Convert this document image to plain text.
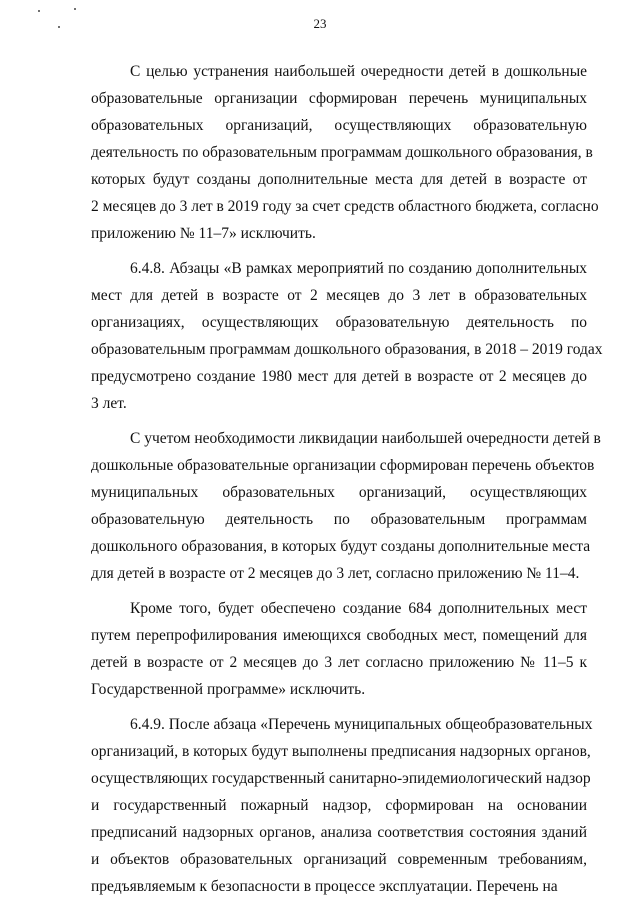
23
С целью устранения наибольшей очередности детей в дошкольные
образовательные организации сформирован перечень муниципальных
образовательных организаций, осуществляющих образовательную
деятельность по образовательным программам дошкольного образования, в
которых будут созданы дополнительные места для детей в возрасте от
2 месяцев до 3 лет в 2019 году за счет средств областного бюджета, согласно
приложению № 11–7» исключить.
6.4.8. Абзацы «В рамках мероприятий по созданию дополнительных
мест для детей в возрасте от 2 месяцев до 3 лет в образовательных
организациях, осуществляющих образовательную деятельность по
образовательным программам дошкольного образования, в 2018 – 2019 годах
предусмотрено создание 1980 мест для детей в возрасте от 2 месяцев до
3 лет.
С учетом необходимости ликвидации наибольшей очередности детей в
дошкольные образовательные организации сформирован перечень объектов
муниципальных образовательных организаций, осуществляющих
образовательную деятельность по образовательным программам
дошкольного образования, в которых будут созданы дополнительные места
для детей в возрасте от 2 месяцев до 3 лет, согласно приложению № 11–4.
Кроме того, будет обеспечено создание 684 дополнительных мест
путем перепрофилирования имеющихся свободных мест, помещений для
детей в возрасте от 2 месяцев до 3 лет согласно приложению № 11–5 к
Государственной программе» исключить.
6.4.9. После абзаца «Перечень муниципальных общеобразовательных
организаций, в которых будут выполнены предписания надзорных органов,
осуществляющих государственный санитарно-эпидемиологический надзор
и государственный пожарный надзор, сформирован на основании
предписаний надзорных органов, анализа соответствия состояния зданий
и объектов образовательных организаций современным требованиям,
предъявляемым к безопасности в процессе эксплуатации. Перечень на
